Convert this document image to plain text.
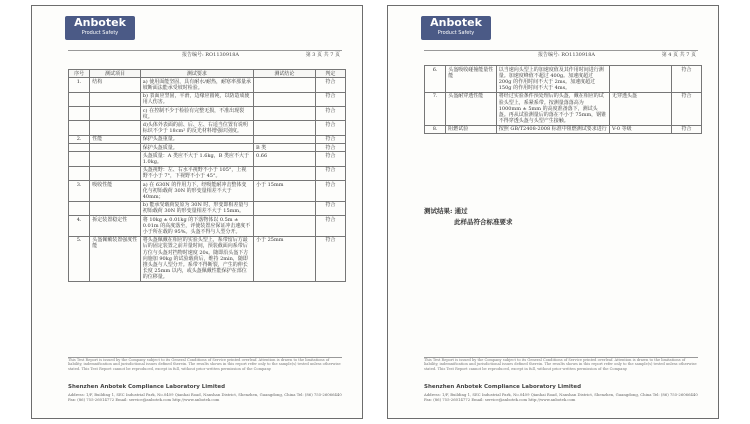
Anbotek
Product Safety
报告编号: RO1130918A	第 3 页 共 7 页
序号	测试项目	测试要求	测试结论	判定
1.	结构	a) 使用面能坚固，具有耐水/耐热，耐寒率那量承坡断面法能承受坡时检验。		符合
		b) 表面应坚固，平滑，边缘应圆钝，以防造成使用人伤害。		符合
		c) 在控制不少于检验有完整无损，不准出现裂纹。		符合
		d)头体外表面的前、后、左、右适当位置有说明标识不少于 18cm² 的反光材料增强识别度。		符合
2.	性能	保护头盔重量。		符合
		保护头盔质量。	B 类	符合
		头盔质量：A 类应不大于 1.6kg，B 类应不大于 1.0kg。	0.66	符合
		头盔视野：左、右水平视野不小于 105°，上视野不小于 7°，下视野不小于 45°。		符合
3.	吸收性能	a) 在 630N 的作用力下，经吸能耐冲击整体变化与初始载荷 30N 的形变量相差不大于 40mm；	小于 15mm	符合
		b) 能承受载荷复原为 30N 时，形变即相差量与初始载荷 30N 的形变量相差不大于 15mm。		符合
4.	拆定装置稳定性	将 10kg ± 0.01kg 的下落物体以 0.5m ± 0.01m 的高度落至，评使装置应保证冲击速度不小于所在载的 95%。头盔不得与人型分开。		符合
5.	头盔佩戴装置强度性能	将头盔佩戴在相应的实验头型上，系带留后方最后的固定装置之前并量时间，预装截面向系带后方位与头盔对挡物时速度 20s。随即沿头盔下方向施加 90kg 的试验载荷后，维持 2min，随即推头盔与人型分开。系带不得断裂，产生的伸长长度 25mm 以内，或头盔佩戴性能保护在部位的位移量。	小于 25mm	符合
This Test Report is issued by the Company subject to its General Conditions of Service printed overleaf. Attention is drawn to the limitations of liability, indemnification and jurisdictional issues defined therein. The results shown in this report refer only to the sample(s) tested unless otherwise stated. This Test Report cannot be reproduced, except in full, without prior written permission of the Company.
Shenzhen Anbotek Compliance Laboratory Limited
Address: 1/F, Building 1, SEC Industrial Park, No.0409 Qianhai Road, Nanshan District, Shenzhen, Guangdong, China Tel: (86) 755-26066440 Fax: (86) 755-26014772 Email: service@anbotek.com http://www.anbotek.com
Anbotek
Product Safety
报告编号: RO1130918A	第 4 页 共 7 页
6.	头盔吸收碰撞能量性能	以当速向头型上的加速度值及其作用时间进行测量。加速度峰值不超过 400g。加速度超过 200g 的作用时间不大于 2ms。加速度超过 150g 的作用时间不大于 4ms。		符合
7.	头盔耐穿透性能	将经过实验条件预处理后的头盔，戴在相应的试验头型上，系紧系带。按测量落落高为 1000mm ± 5mm 的高度准备落下，测试头盔。再从试验测量后的落在不小于 75mm，钢锥不得穿透头盔与头型产生接触。	无穿透头盔	符合
8.	阻燃试验	按照 GB/T2408-2008 标准中阻燃测试要求进行	V-0 等级	符合
测试结果: 通过
此样品符合标准要求
This Test Report is issued by the Company subject to its General Conditions of Service printed overleaf. Attention is drawn to the limitations of liability, indemnification and jurisdictional issues defined therein. The results shown in this report refer only to the sample(s) tested unless otherwise stated. This Test Report cannot be reproduced, except in full, without prior written permission of the Company.
Shenzhen Anbotek Compliance Laboratory Limited
Address: 1/F, Building 1, SEC Industrial Park, No.0409 Qianhai Road, Nanshan District, Shenzhen, Guangdong, China Tel: (86) 755-26066440 Fax: (86) 755-26014772 Email: service@anbotek.com http://www.anbotek.com
